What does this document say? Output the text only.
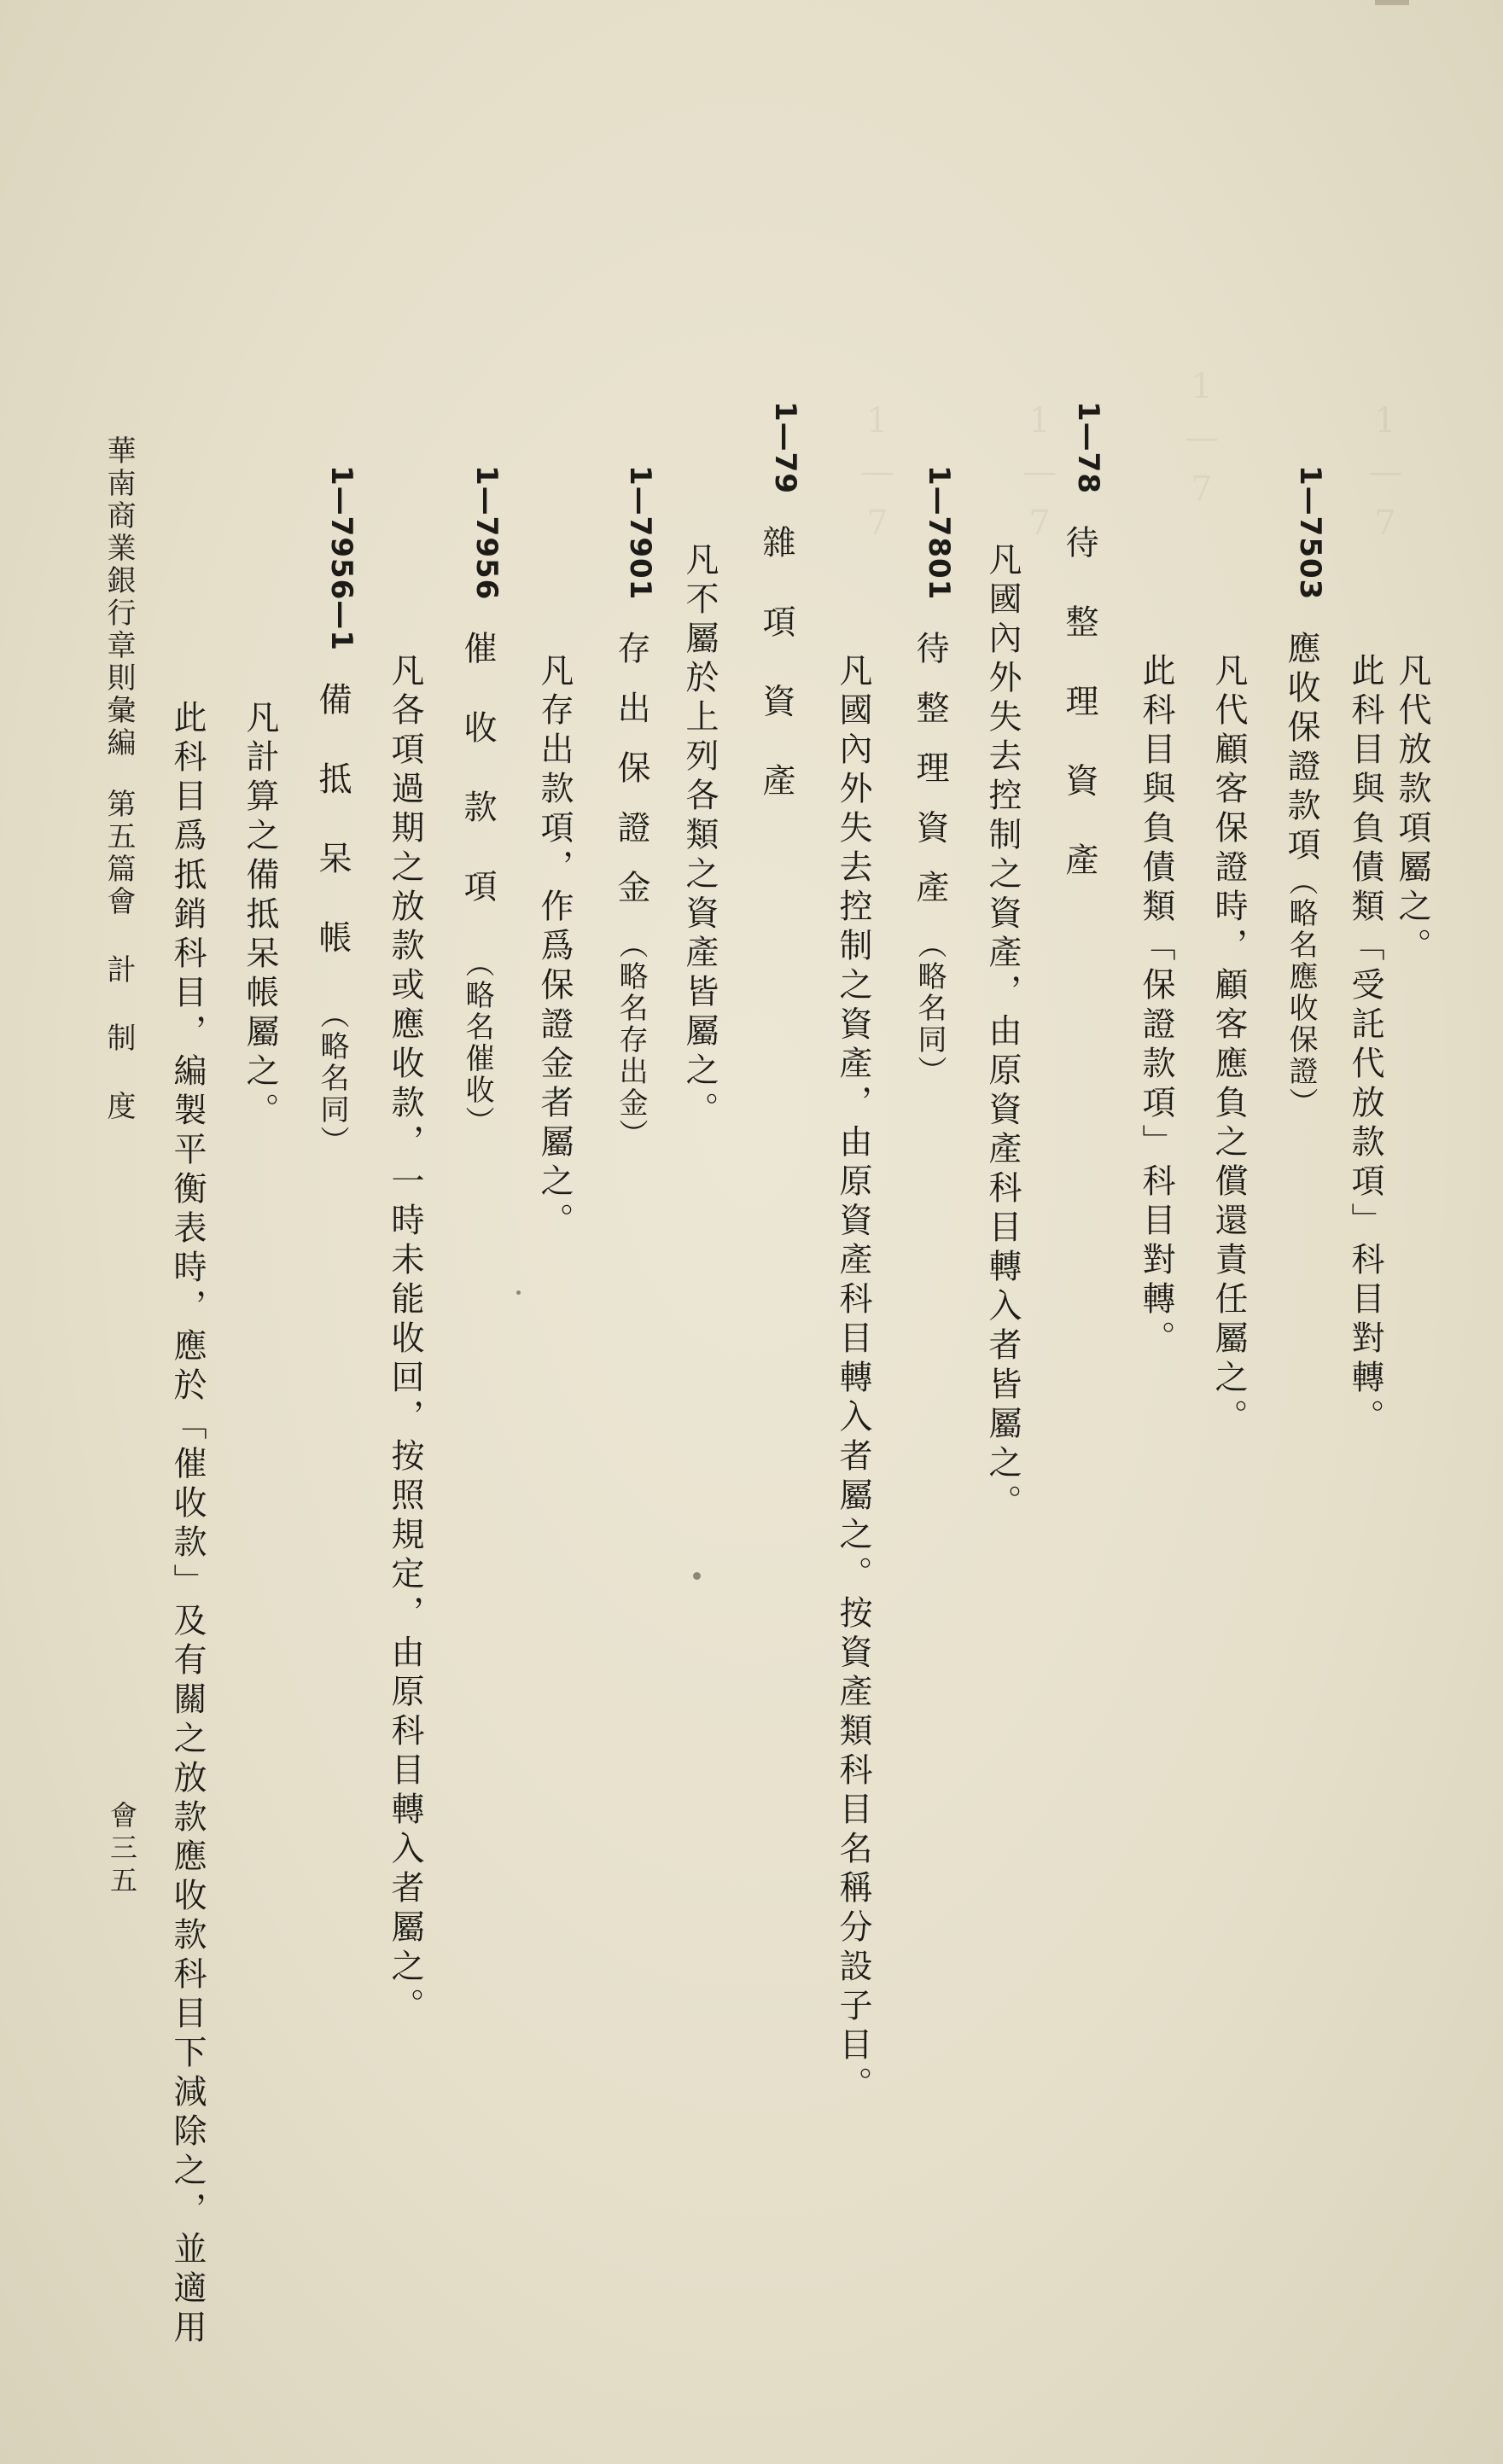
1—7
1—7
1—7
1—7
凡代放款項屬之。
此科目與負債類「受託代放款項」科目對轉。
1—7503應收保證款項（略名應收保證）
凡代顧客保證時，顧客應負之償還責任屬之。
此科目與負債類「保證款項」科目對轉。
1—78待整理資產
凡國內外失去控制之資產，由原資產科目轉入者皆屬之。
1—7801待整理資產（略名同）
凡國內外失去控制之資產，由原資產科目轉入者屬之。按資產類科目名稱分設子目。
1—79雜項資產
凡不屬於上列各類之資產皆屬之。
1—7901存出保證金（略名存出金）
凡存出款項，作爲保證金者屬之。
1—7956催收款項（略名催收）
凡各項過期之放款或應收款，一時未能收回，按照規定，由原科目轉入者屬之。
1—7956—1備抵呆帳（略名同）
凡計算之備抵呆帳屬之。
此科目爲抵銷科目，編製平衡表時，應於「催收款」及有關之放款應收款科目下減除之，並適用
華南商業銀行章則彙編第五篇會計制度
會三五
